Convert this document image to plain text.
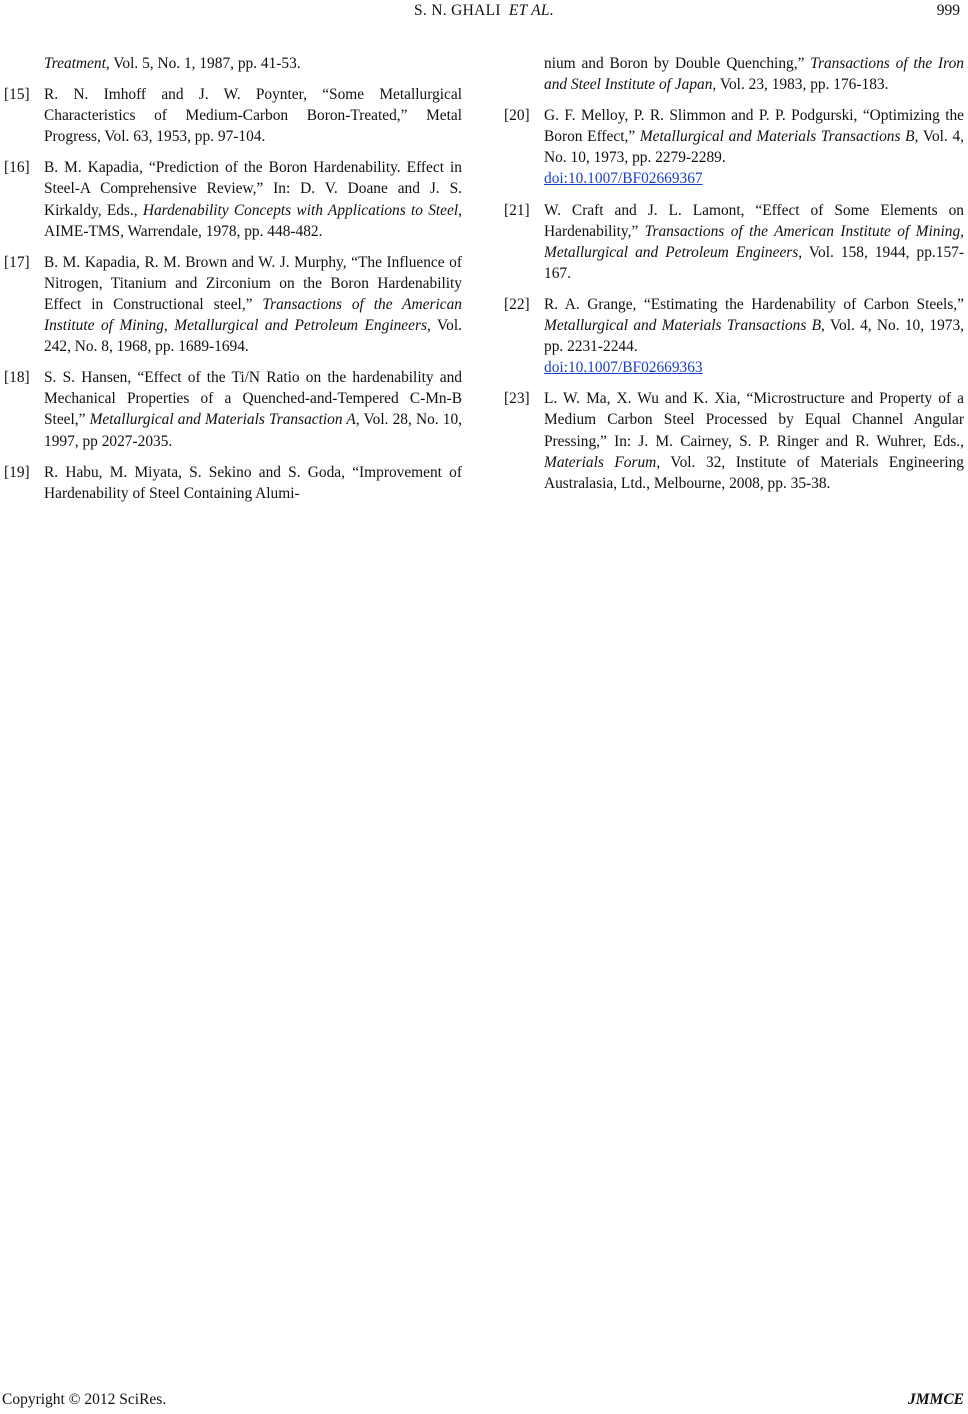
S. N. GHALI ET AL.	999
Treatment, Vol. 5, No. 1, 1987, pp. 41-53.
[15] R. N. Imhoff and J. W. Poynter, “Some Metallurgical Characteristics of Medium-Carbon Boron-Treated,” Metal Progress, Vol. 63, 1953, pp. 97-104.
[16] B. M. Kapadia, “Prediction of the Boron Hardenability. Effect in Steel-A Comprehensive Review,” In: D. V. Doane and J. S. Kirkaldy, Eds., Hardenability Concepts with Applications to Steel, AIME-TMS, Warrendale, 1978, pp. 448-482.
[17] B. M. Kapadia, R. M. Brown and W. J. Murphy, “The Influence of Nitrogen, Titanium and Zirconium on the Boron Hardenability Effect in Constructional steel,” Transactions of the American Institute of Mining, Metallurgical and Petroleum Engineers, Vol. 242, No. 8, 1968, pp. 1689-1694.
[18] S. S. Hansen, “Effect of the Ti/N Ratio on the hardenability and Mechanical Properties of a Quenched-and-Tempered C-Mn-B Steel,” Metallurgical and Materials Transaction A, Vol. 28, No. 10, 1997, pp 2027-2035.
[19] R. Habu, M. Miyata, S. Sekino and S. Goda, “Improvement of Hardenability of Steel Containing Alumi-
nium and Boron by Double Quenching,” Transactions of the Iron and Steel Institute of Japan, Vol. 23, 1983, pp. 176-183.
[20] G. F. Melloy, P. R. Slimmon and P. P. Podgurski, “Optimizing the Boron Effect,” Metallurgical and Materials Transactions B, Vol. 4, No. 10, 1973, pp. 2279-2289.
doi:10.1007/BF02669367
[21] W. Craft and J. L. Lamont, “Effect of Some Elements on Hardenability,” Transactions of the American Institute of Mining, Metallurgical and Petroleum Engineers, Vol. 158, 1944, pp.157-167.
[22] R. A. Grange, “Estimating the Hardenability of Carbon Steels,” Metallurgical and Materials Transactions B, Vol. 4, No. 10, 1973, pp. 2231-2244.
doi:10.1007/BF02669363
[23] L. W. Ma, X. Wu and K. Xia, “Microstructure and Property of a Medium Carbon Steel Processed by Equal Channel Angular Pressing,” In: J. M. Cairney, S. P. Ringer and R. Wuhrer, Eds., Materials Forum, Vol. 32, Institute of Materials Engineering Australasia, Ltd., Melbourne, 2008, pp. 35-38.
Copyright © 2012 SciRes.	JMMCE
